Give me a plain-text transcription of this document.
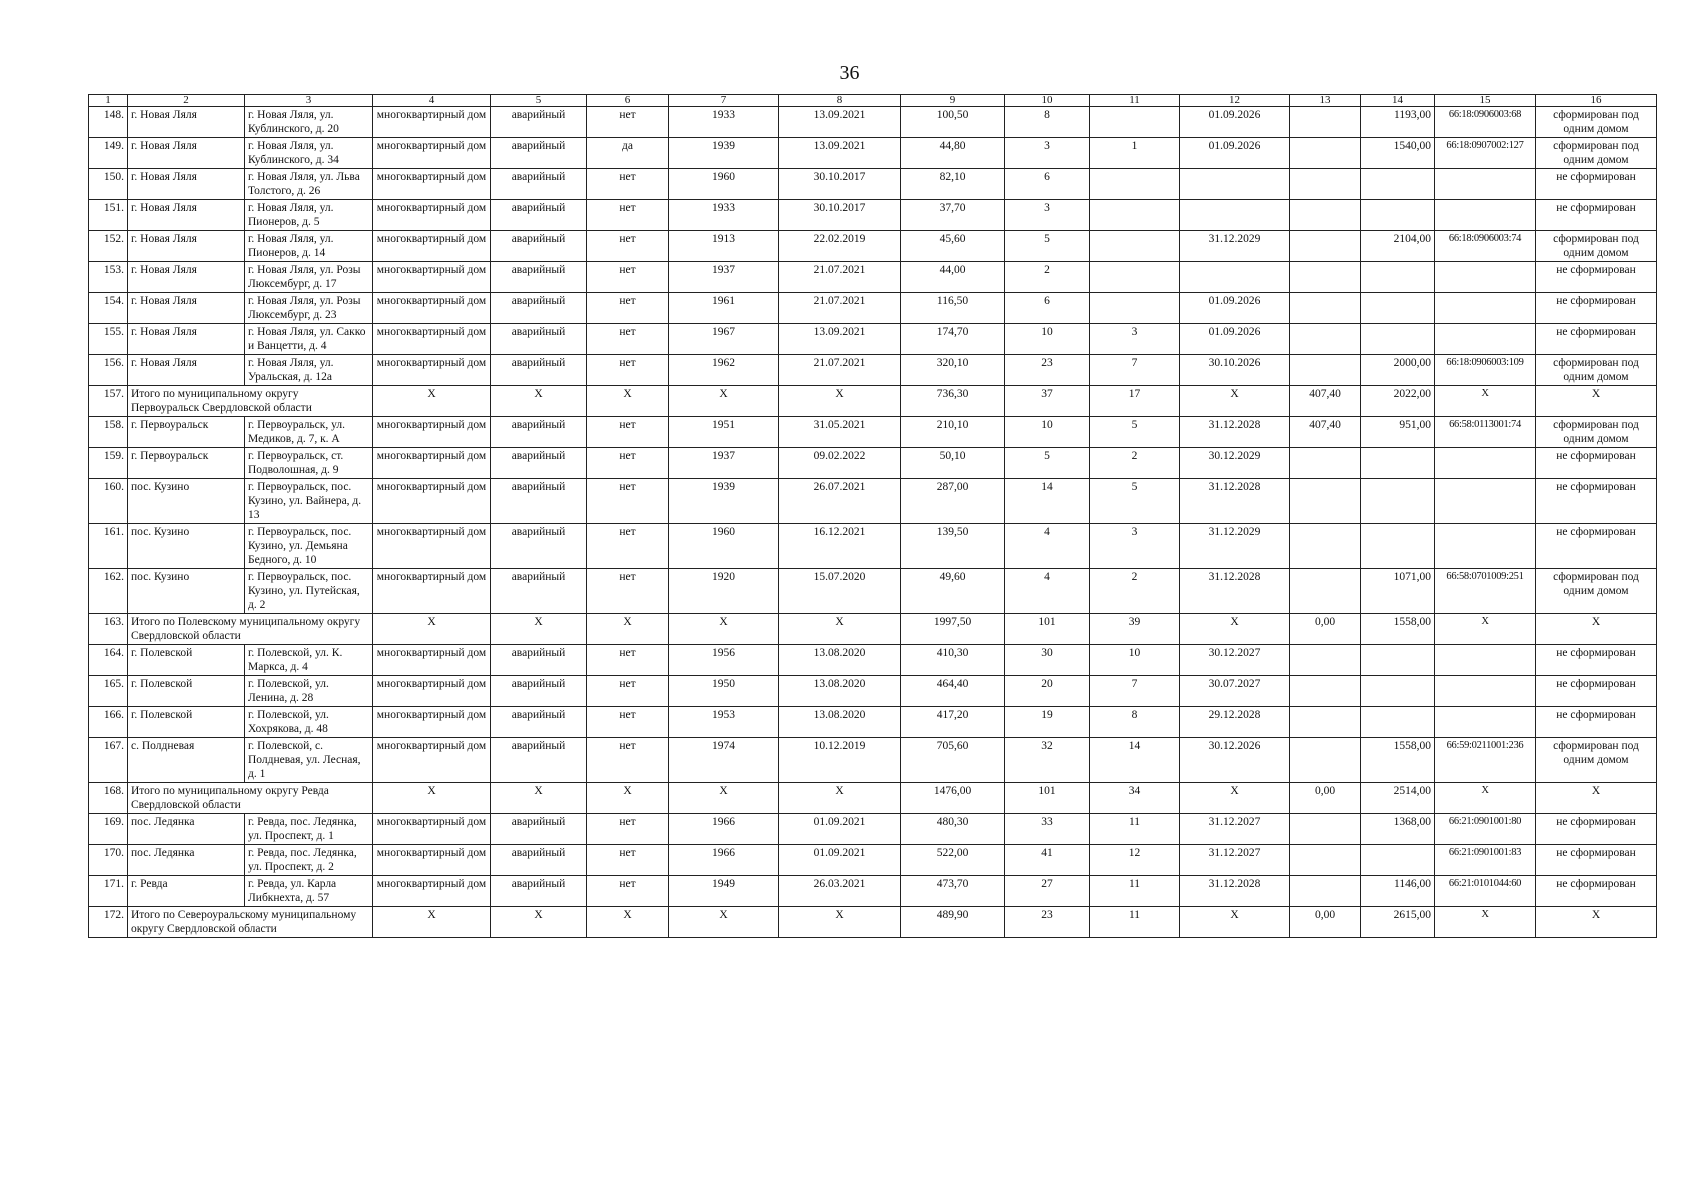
36
1	2	3	4	5	6	7	8	9	10	11	12	13	14	15	16
148.	г. Новая Ляля	г. Новая Ляля, ул. Кублинского, д. 20	многоквартирный дом	аварийный	нет	1933	13.09.2021	100,50	8		01.09.2026		1193,00	66:18:0906003:68	сформирован под одним домом
149.	г. Новая Ляля	г. Новая Ляля, ул. Кублинского, д. 34	многоквартирный дом	аварийный	да	1939	13.09.2021	44,80	3	1	01.09.2026		1540,00	66:18:0907002:127	сформирован под одним домом
150.	г. Новая Ляля	г. Новая Ляля, ул. Льва Толстого, д. 26	многоквартирный дом	аварийный	нет	1960	30.10.2017	82,10	6						не сформирован
151.	г. Новая Ляля	г. Новая Ляля, ул. Пионеров, д. 5	многоквартирный дом	аварийный	нет	1933	30.10.2017	37,70	3						не сформирован
152.	г. Новая Ляля	г. Новая Ляля, ул. Пионеров, д. 14	многоквартирный дом	аварийный	нет	1913	22.02.2019	45,60	5		31.12.2029		2104,00	66:18:0906003:74	сформирован под одним домом
153.	г. Новая Ляля	г. Новая Ляля, ул. Розы Люксембург, д. 17	многоквартирный дом	аварийный	нет	1937	21.07.2021	44,00	2						не сформирован
154.	г. Новая Ляля	г. Новая Ляля, ул. Розы Люксембург, д. 23	многоквартирный дом	аварийный	нет	1961	21.07.2021	116,50	6		01.09.2026				не сформирован
155.	г. Новая Ляля	г. Новая Ляля, ул. Сакко и Ванцетти, д. 4	многоквартирный дом	аварийный	нет	1967	13.09.2021	174,70	10	3	01.09.2026				не сформирован
156.	г. Новая Ляля	г. Новая Ляля, ул. Уральская, д. 12а	многоквартирный дом	аварийный	нет	1962	21.07.2021	320,10	23	7	30.10.2026		2000,00	66:18:0906003:109	сформирован под одним домом
157.	Итого по муниципальному округу Первоуральск Свердловской области		X	X	X	X	X	736,30	37	17	X	407,40	2022,00	X	X
158.	г. Первоуральск	г. Первоуральск, ул. Медиков, д. 7, к. А	многоквартирный дом	аварийный	нет	1951	31.05.2021	210,10	10	5	31.12.2028	407,40	951,00	66:58:0113001:74	сформирован под одним домом
159.	г. Первоуральск	г. Первоуральск, ст. Подволошная, д. 9	многоквартирный дом	аварийный	нет	1937	09.02.2022	50,10	5	2	30.12.2029				не сформирован
160.	пос. Кузино	г. Первоуральск, пос. Кузино, ул. Вайнера, д. 13	многоквартирный дом	аварийный	нет	1939	26.07.2021	287,00	14	5	31.12.2028				не сформирован
161.	пос. Кузино	г. Первоуральск, пос. Кузино, ул. Демьяна Бедного, д. 10	многоквартирный дом	аварийный	нет	1960	16.12.2021	139,50	4	3	31.12.2029				не сформирован
162.	пос. Кузино	г. Первоуральск, пос. Кузино, ул. Путейская, д. 2	многоквартирный дом	аварийный	нет	1920	15.07.2020	49,60	4	2	31.12.2028		1071,00	66:58:0701009:251	сформирован под одним домом
163.	Итого по Полевскому муниципальному округу Свердловской области		X	X	X	X	X	1997,50	101	39	X	0,00	1558,00	X	X
164.	г. Полевской	г. Полевской, ул. К. Маркса, д. 4	многоквартирный дом	аварийный	нет	1956	13.08.2020	410,30	30	10	30.12.2027				не сформирован
165.	г. Полевской	г. Полевской, ул. Ленина, д. 28	многоквартирный дом	аварийный	нет	1950	13.08.2020	464,40	20	7	30.07.2027				не сформирован
166.	г. Полевской	г. Полевской, ул. Хохрякова, д. 48	многоквартирный дом	аварийный	нет	1953	13.08.2020	417,20	19	8	29.12.2028				не сформирован
167.	с. Полдневая	г. Полевской, с. Полдневая, ул. Лесная, д. 1	многоквартирный дом	аварийный	нет	1974	10.12.2019	705,60	32	14	30.12.2026		1558,00	66:59:0211001:236	сформирован под одним домом
168.	Итого по муниципальному округу Ревда Свердловской области		X	X	X	X	X	1476,00	101	34	X	0,00	2514,00	X	X
169.	пос. Ледянка	г. Ревда, пос. Ледянка, ул. Проспект, д. 1	многоквартирный дом	аварийный	нет	1966	01.09.2021	480,30	33	11	31.12.2027		1368,00	66:21:0901001:80	не сформирован
170.	пос. Ледянка	г. Ревда, пос. Ледянка, ул. Проспект, д. 2	многоквартирный дом	аварийный	нет	1966	01.09.2021	522,00	41	12	31.12.2027			66:21:0901001:83	не сформирован
171.	г. Ревда	г. Ревда, ул. Карла Либкнехта, д. 57	многоквартирный дом	аварийный	нет	1949	26.03.2021	473,70	27	11	31.12.2028		1146,00	66:21:0101044:60	не сформирован
172.	Итого по Североуральскому муниципальному округу Свердловской области		X	X	X	X	X	489,90	23	11	X	0,00	2615,00	X	X
